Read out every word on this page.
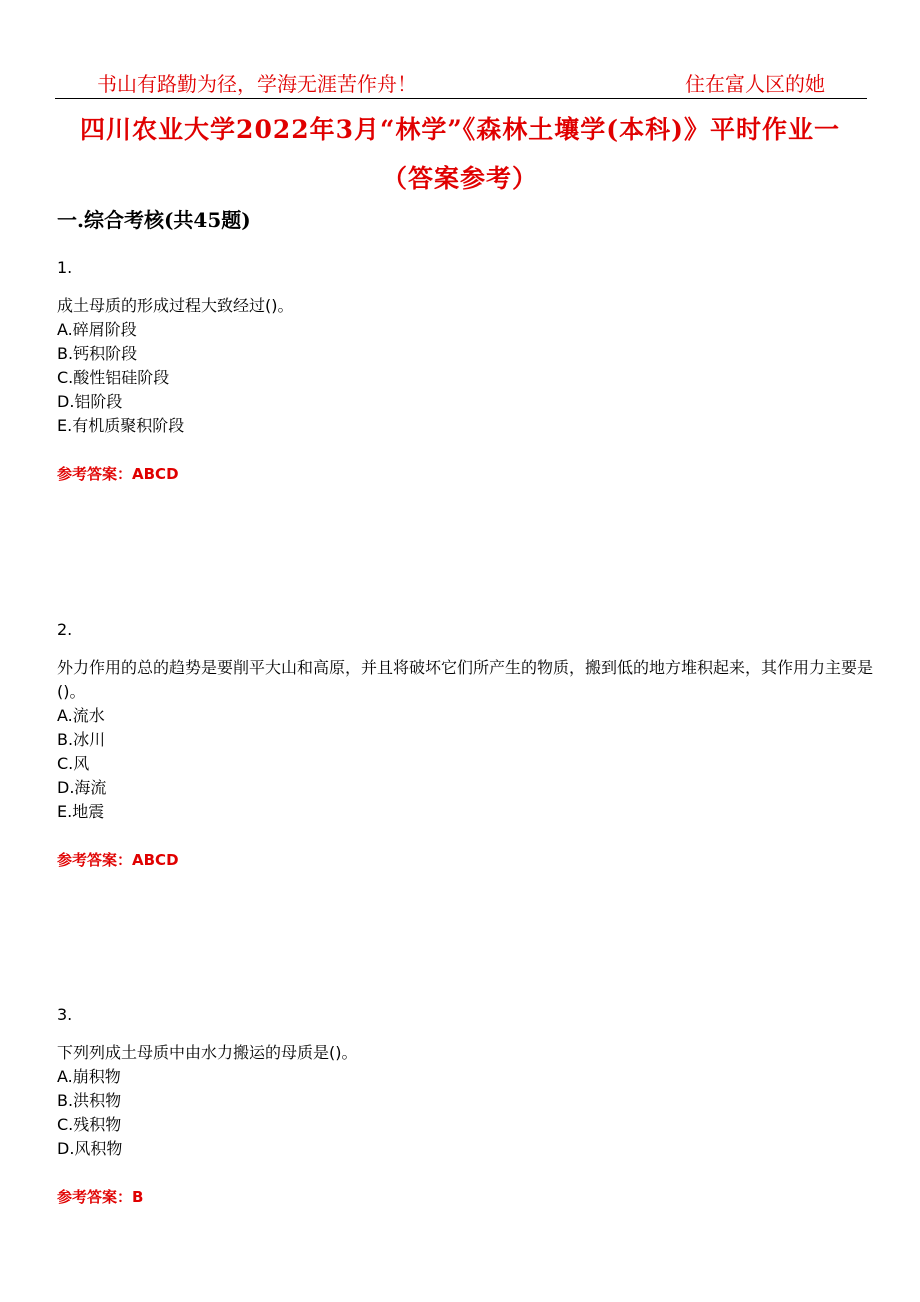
书山有路勤为径，学海无涯苦作舟！	住在富人区的她
四川农业大学2022年3月“林学”《森林土壤学(本科)》平时作业一（答案参考）
一.综合考核(共45题)
1.
成土母质的形成过程大致经过()。
A.碎屑阶段
B.钙积阶段
C.酸性铝硅阶段
D.铝阶段
E.有机质聚积阶段
参考答案：ABCD
2.
外力作用的总的趋势是要削平大山和高原，并且将破坏它们所产生的物质，搬到低的地方堆积起来，其作用力主要是()。
A.流水
B.冰川
C.风
D.海流
E.地震
参考答案：ABCD
3.
下列列成土母质中由水力搬运的母质是()。
A.崩积物
B.洪积物
C.残积物
D.风积物
参考答案：B
